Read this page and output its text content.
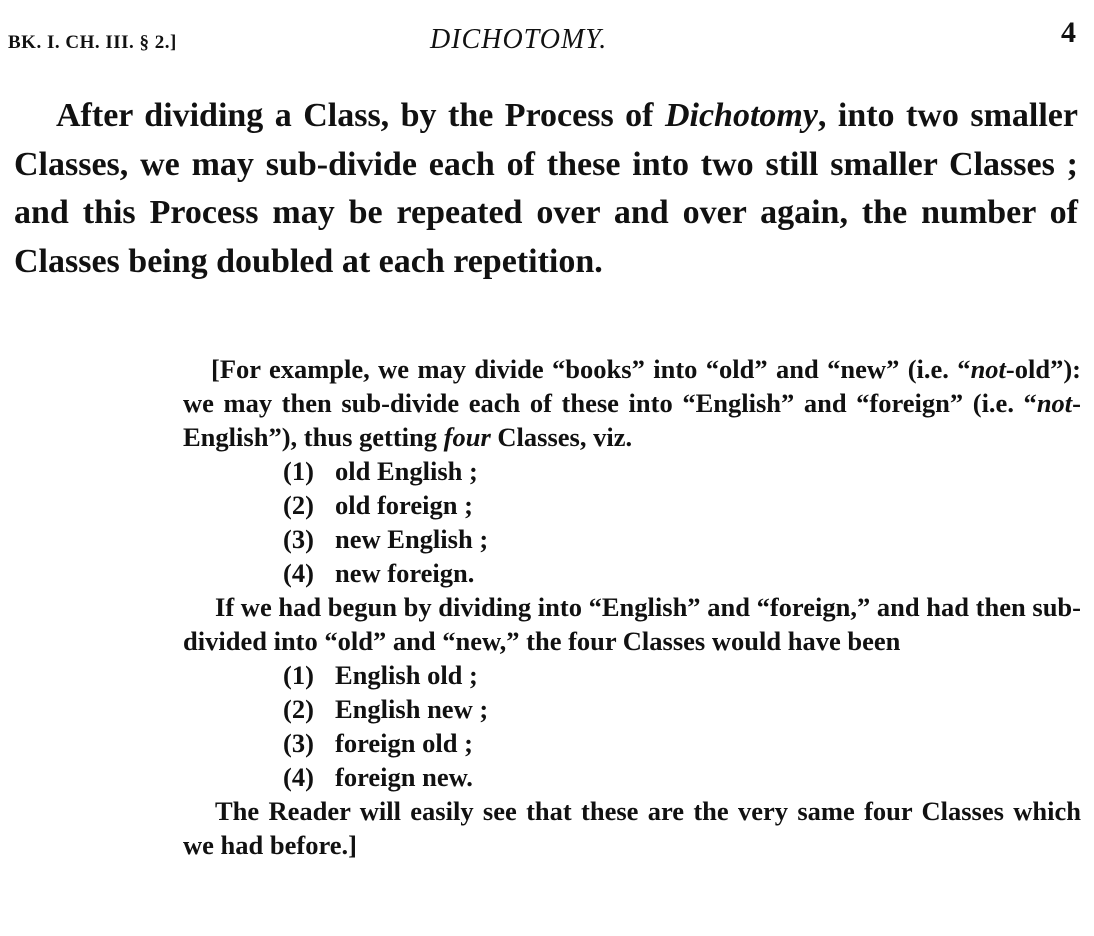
BK. I. CH. III. § 2.]	DICHOTOMY.	4

After dividing a Class, by the Process of Dichotomy, into two smaller Classes, we may sub-divide each of these into two still smaller Classes ; and this Process may be repeated over and over again, the number of Classes being doubled at each repetition.

[For example, we may divide “books” into “old” and “new” (i.e. “not-old”): we may then sub-divide each of these into “English” and “foreign” (i.e. “not-English”), thus getting four Classes, viz.

(1) old English ;
(2) old foreign ;
(3) new English ;
(4) new foreign.

If we had begun by dividing into “English” and “foreign,” and had then sub-divided into “old” and “new,” the four Classes would have been

(1) English old ;
(2) English new ;
(3) foreign old ;
(4) foreign new.

The Reader will easily see that these are the very same four Classes which we had before.]
